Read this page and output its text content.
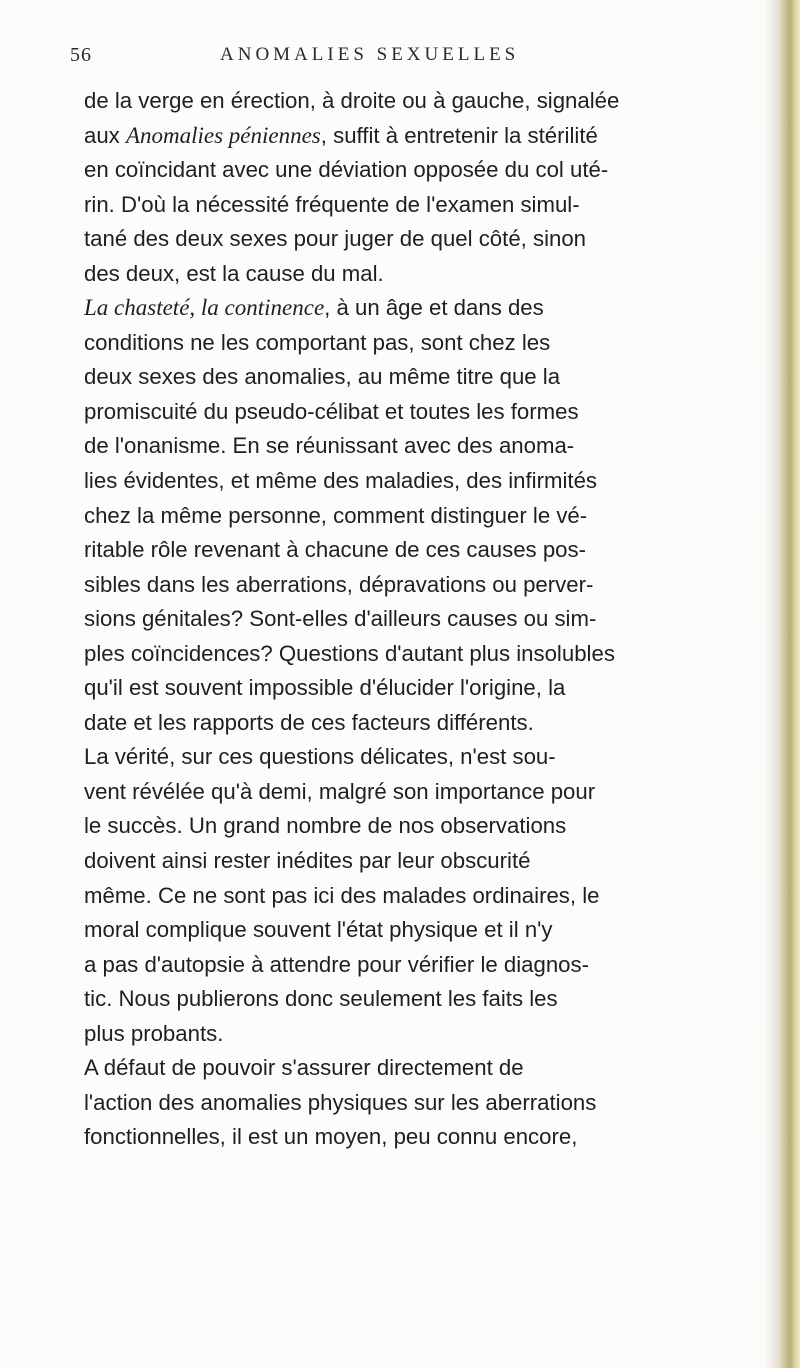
56	ANOMALIES SEXUELLES
de la verge en érection, à droite ou à gauche, signalée
aux Anomalies péniennes, suffit à entretenir la stérilité
en coïncidant avec une déviation opposée du col uté-
rin. D'où la nécessité fréquente de l'examen simul-
tané des deux sexes pour juger de quel côté, sinon
des deux, est la cause du mal.
La chasteté, la continence, à un âge et dans des
conditions ne les comportant pas, sont chez les
deux sexes des anomalies, au même titre que la
promiscuité du pseudo-célibat et toutes les formes
de l'onanisme. En se réunissant avec des anoma-
lies évidentes, et même des maladies, des infirmités
chez la même personne, comment distinguer le vé-
ritable rôle revenant à chacune de ces causes pos-
sibles dans les aberrations, dépravations ou perver-
sions génitales? Sont-elles d'ailleurs causes ou sim-
ples coïncidences? Questions d'autant plus insolubles
qu'il est souvent impossible d'élucider l'origine, la
date et les rapports de ces facteurs différents.
La vérité, sur ces questions délicates, n'est sou-
vent révélée qu'à demi, malgré son importance pour
le succès. Un grand nombre de nos observations
doivent ainsi rester inédites par leur obscurité
même. Ce ne sont pas ici des malades ordinaires, le
moral complique souvent l'état physique et il n'y
a pas d'autopsie à attendre pour vérifier le diagnos-
tic. Nous publierons donc seulement les faits les
plus probants.
A défaut de pouvoir s'assurer directement de
l'action des anomalies physiques sur les aberrations
fonctionnelles, il est un moyen, peu connu encore,
